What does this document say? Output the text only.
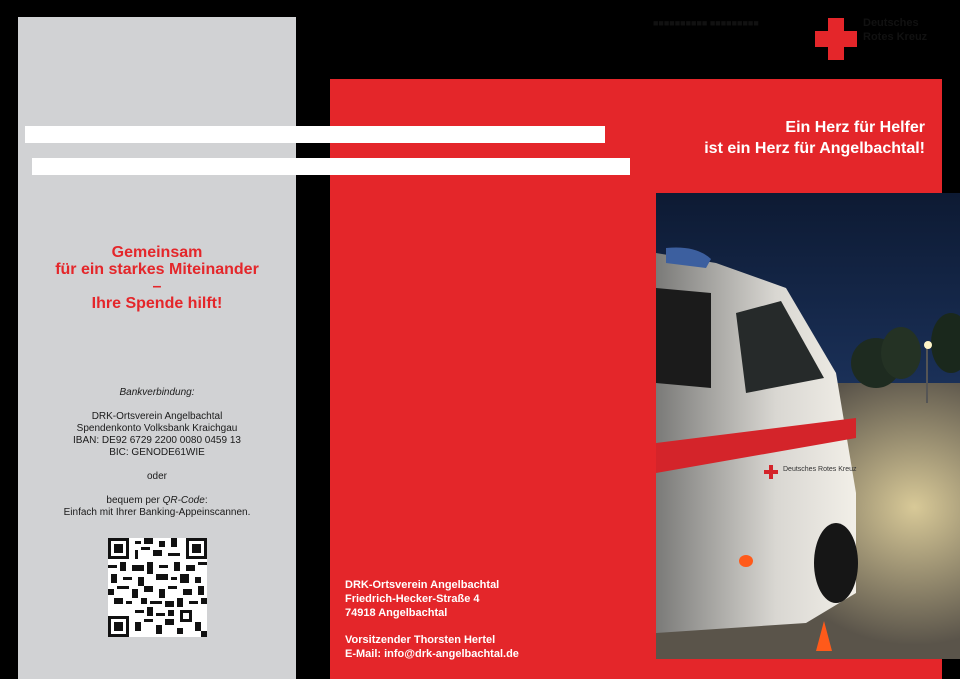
■■■■■■■■■■ ■■■■■■■■■	Deutsches Rotes Kreuz
Gemeinsam
für ein starkes Miteinander
–
Ihre Spende hilft!
Bankverbindung:
DRK-Ortsverein Angelbachtal
Spendenkonto Volksbank Kraichgau
IBAN: DE92 6729 2200 0080 0459 13
BIC: GENODE61WIE
oder
bequem per QR-Code:
Einfach mit Ihrer Banking-Appeinscannen.
Ein Herz für Helfer
ist ein Herz für Angelbachtal!
Deutsches Rotes Kreuz
DRK-Ortsverein Angelbachtal
Friedrich-Hecker-Straße 4
74918 Angelbachtal
Vorsitzender Thorsten Hertel
E-Mail: info@drk-angelbachtal.de
